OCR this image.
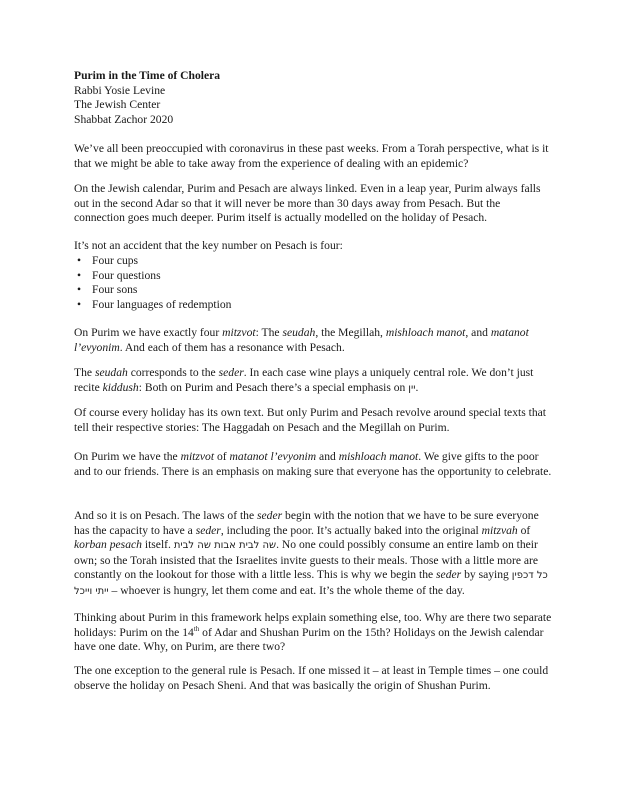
Purim in the Time of Cholera
Rabbi Yosie Levine
The Jewish Center
Shabbat Zachor 2020

We’ve all been preoccupied with coronavirus in these past weeks. From a Torah perspective, what is it that we might be able to take away from the experience of dealing with an epidemic?

On the Jewish calendar, Purim and Pesach are always linked. Even in a leap year, Purim always falls out in the second Adar so that it will never be more than 30 days away from Pesach. But the connection goes much deeper. Purim itself is actually modelled on the holiday of Pesach.

It’s not an accident that the key number on Pesach is four:

• Four cups
• Four questions
• Four sons
• Four languages of redemption

On Purim we have exactly four mitzvot: The seudah, the Megillah, mishloach manot, and matanot l’evyonim. And each of them has a resonance with Pesach.

The seudah corresponds to the seder. In each case wine plays a uniquely central role. We don’t just recite kiddush: Both on Purim and Pesach there’s a special emphasis on יין.

Of course every holiday has its own text. But only Purim and Pesach revolve around special texts that tell their respective stories: The Haggadah on Pesach and the Megillah on Purim.

On Purim we have the mitzvot of matanot l’evyonim and mishloach manot. We give gifts to the poor and to our friends. There is an emphasis on making sure that everyone has the opportunity to celebrate.

And so it is on Pesach. The laws of the seder begin with the notion that we have to be sure everyone has the capacity to have a seder, including the poor. It’s actually baked into the original mitzvah of korban pesach itself. שה לבית אבות שה לבית. No one could possibly consume an entire lamb on their own; so the Torah insisted that the Israelites invite guests to their meals. Those with a little more are constantly on the lookout for those with a little less. This is why we begin the seder by saying כל דכפין ייתי וייכל – whoever is hungry, let them come and eat. It’s the whole theme of the day.

Thinking about Purim in this framework helps explain something else, too. Why are there two separate holidays: Purim on the 14th of Adar and Shushan Purim on the 15th? Holidays on the Jewish calendar have one date. Why, on Purim, are there two?

The one exception to the general rule is Pesach. If one missed it – at least in Temple times – one could observe the holiday on Pesach Sheni. And that was basically the origin of Shushan Purim.
